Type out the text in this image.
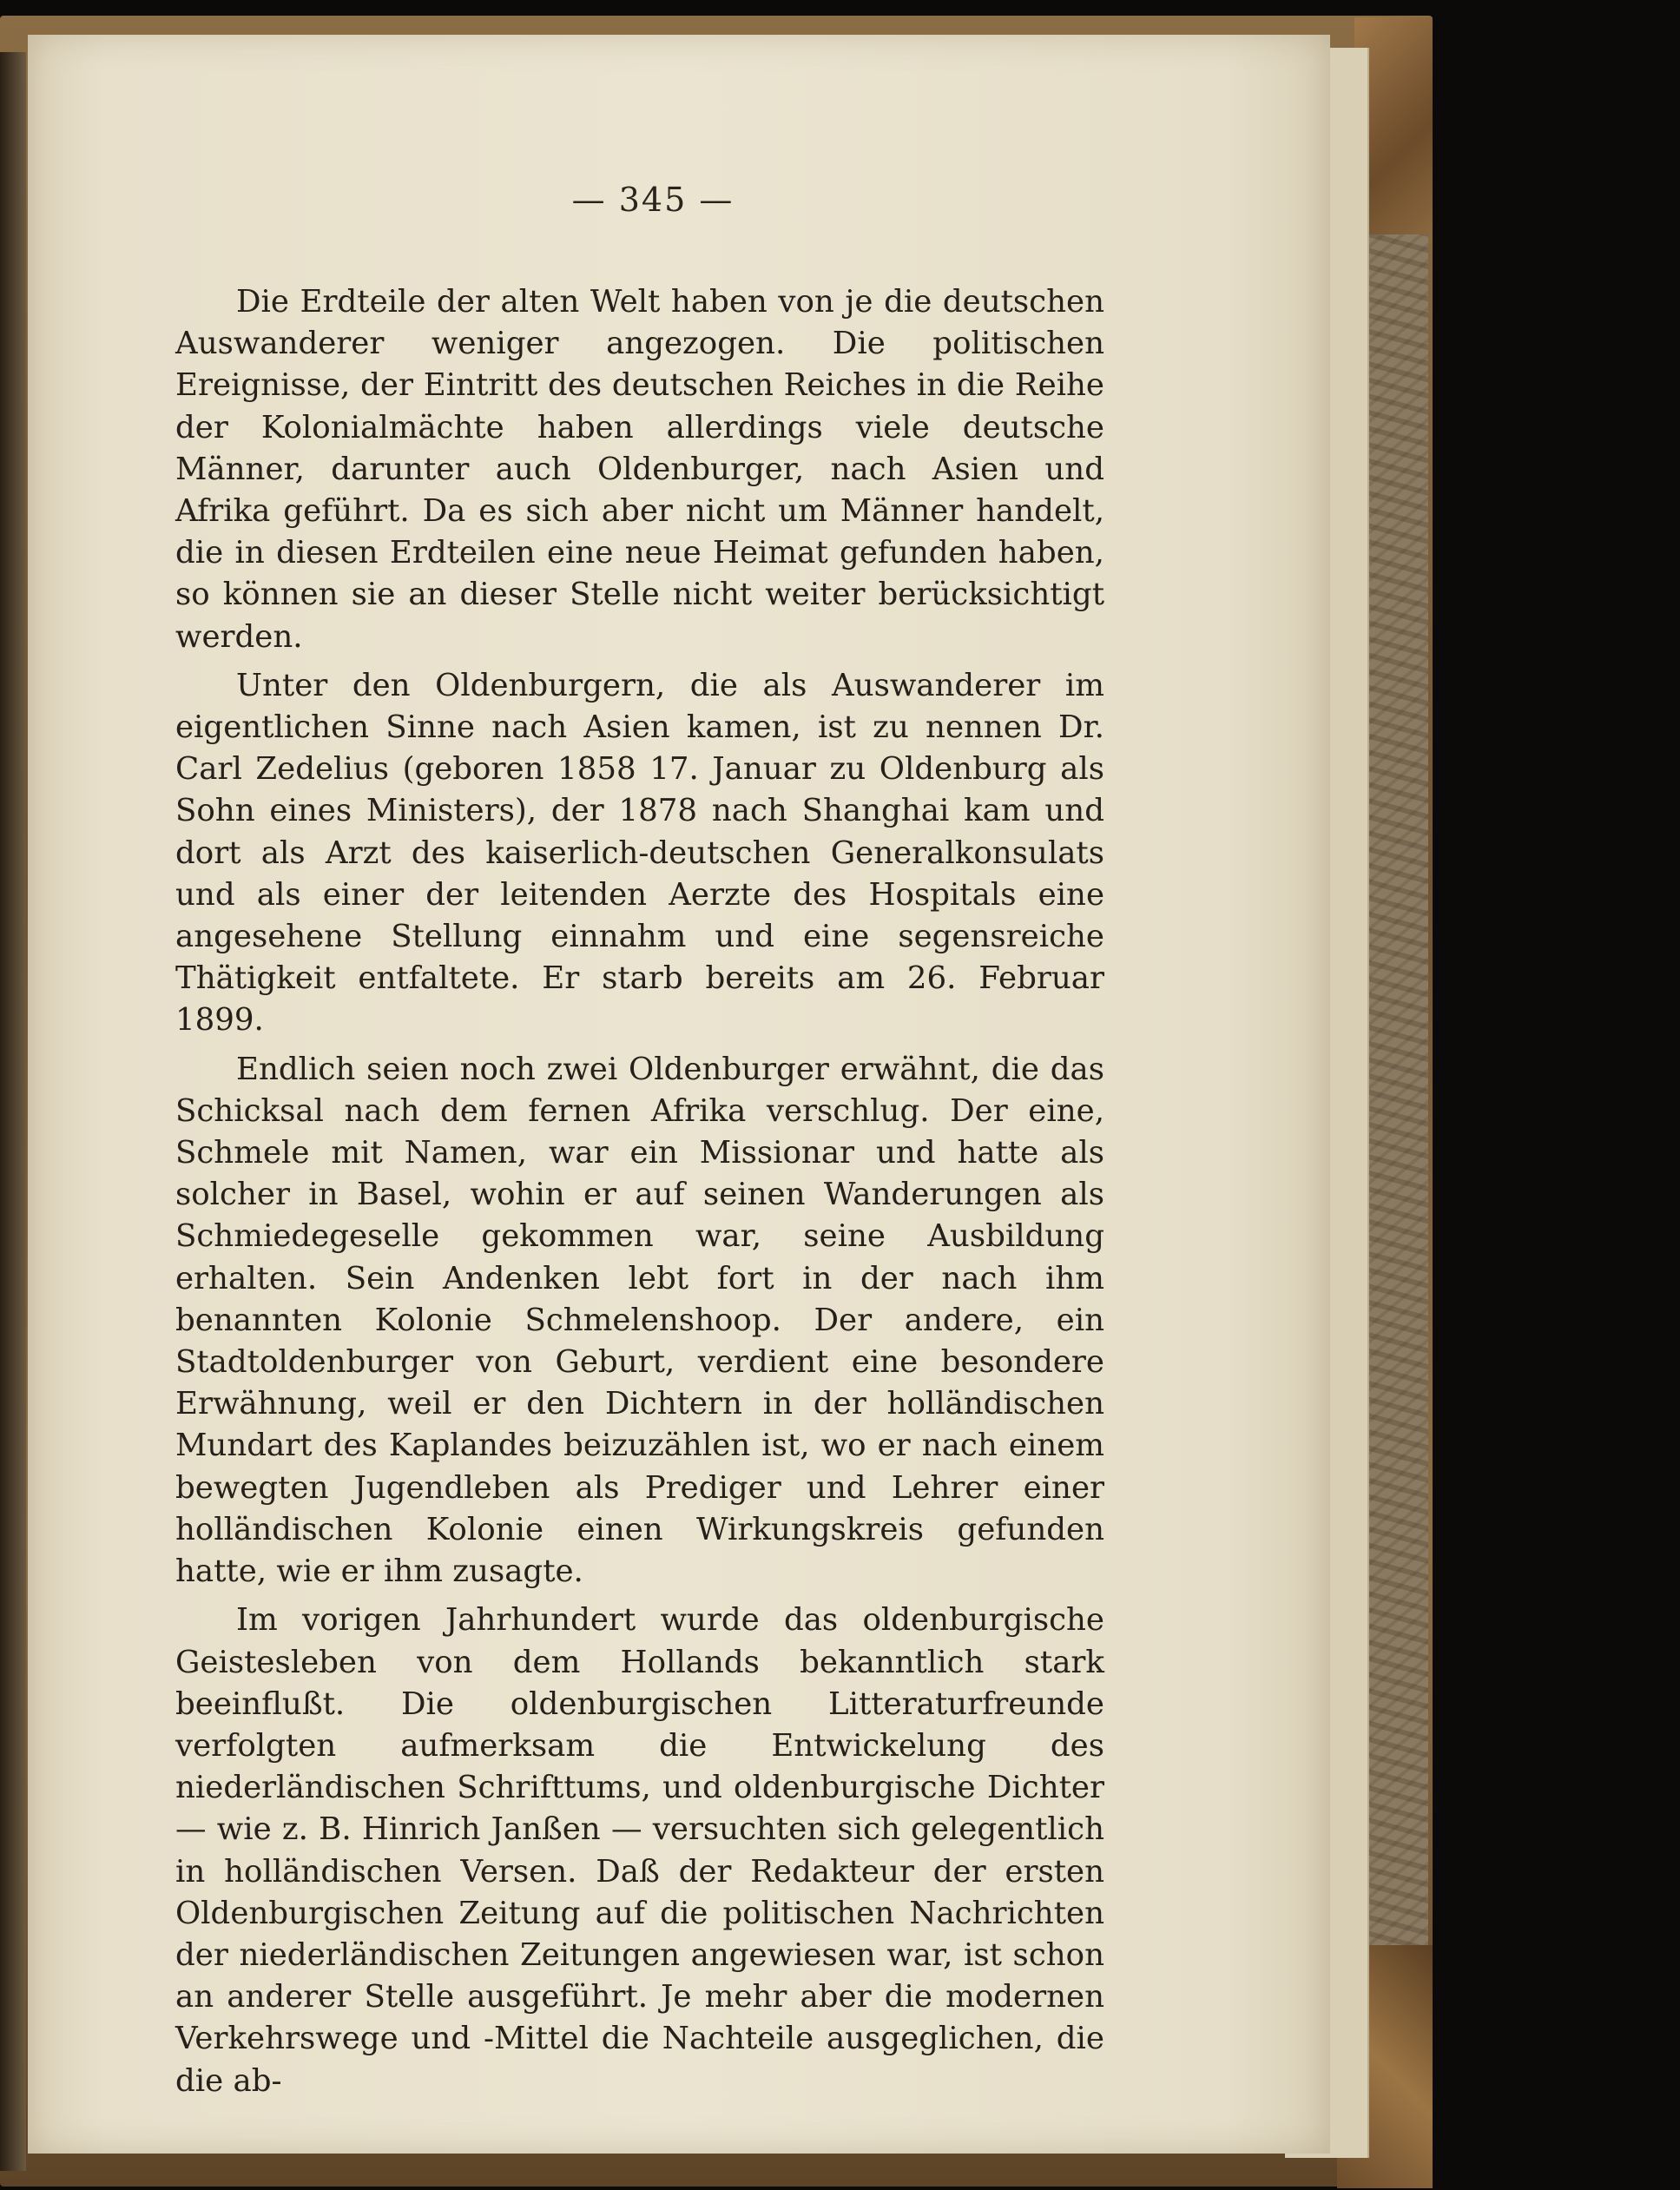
— 345 —

Die Erdteile der alten Welt haben von je die deutschen Auswanderer weniger angezogen. Die politischen Ereignisse, der Eintritt des deutschen Reiches in die Reihe der Kolonialmächte haben allerdings viele deutsche Männer, darunter auch Oldenburger, nach Asien und Afrika geführt. Da es sich aber nicht um Männer handelt, die in diesen Erdteilen eine neue Heimat gefunden haben, so können sie an dieser Stelle nicht weiter berücksichtigt werden.

Unter den Oldenburgern, die als Auswanderer im eigentlichen Sinne nach Asien kamen, ist zu nennen Dr. Carl Zedelius (geboren 1858 17. Januar zu Oldenburg als Sohn eines Ministers), der 1878 nach Shanghai kam und dort als Arzt des kaiserlich-deutschen Generalkonsulats und als einer der leitenden Aerzte des Hospitals eine angesehene Stellung einnahm und eine segensreiche Thätigkeit entfaltete. Er starb bereits am 26. Februar 1899.

Endlich seien noch zwei Oldenburger erwähnt, die das Schicksal nach dem fernen Afrika verschlug. Der eine, Schmele mit Namen, war ein Missionar und hatte als solcher in Basel, wohin er auf seinen Wanderungen als Schmiedegeselle gekommen war, seine Ausbildung erhalten. Sein Andenken lebt fort in der nach ihm benannten Kolonie Schmelenshoop. Der andere, ein Stadtoldenburger von Geburt, verdient eine besondere Erwähnung, weil er den Dichtern in der holländischen Mundart des Kaplandes beizuzählen ist, wo er nach einem bewegten Jugendleben als Prediger und Lehrer einer holländischen Kolonie einen Wirkungskreis gefunden hatte, wie er ihm zusagte.

Im vorigen Jahrhundert wurde das oldenburgische Geistesleben von dem Hollands bekanntlich stark beeinflußt. Die oldenburgischen Litteraturfreunde verfolgten aufmerksam die Entwickelung des niederländischen Schrifttums, und oldenburgische Dichter — wie z. B. Hinrich Janßen — versuchten sich gelegentlich in holländischen Versen. Daß der Redakteur der ersten Oldenburgischen Zeitung auf die politischen Nachrichten der niederländischen Zeitungen angewiesen war, ist schon an anderer Stelle ausgeführt. Je mehr aber die modernen Verkehrswege und -Mittel die Nachteile ausgeglichen, die die ab-
